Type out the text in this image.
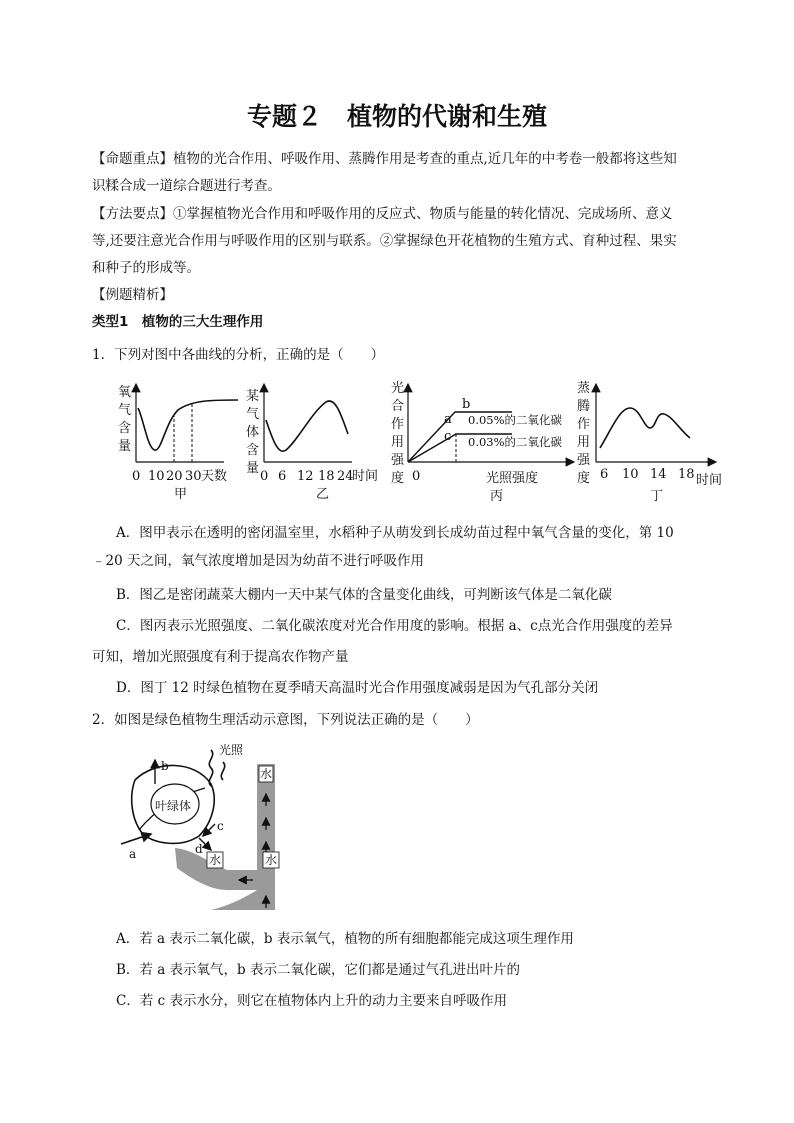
专题２　植物的代谢和生殖
【命题重点】植物的光合作用、呼吸作用、蒸腾作用是考查的重点,近几年的中考卷一般都将这些知
识糅合成一道综合题进行考查。
【方法要点】①掌握植物光合作用和呼吸作用的反应式、物质与能量的转化情况、完成场所、意义
等,还要注意光合作用与呼吸作用的区别与联系。②掌握绿色开花植物的生殖方式、育种过程、果实
和种子的形成等。
【例题精析】
类型1　植物的三大生理作用
1．下列对图中各曲线的分析，正确的是（　　）
氧
气
含
量
0 10 20 30 天数
甲
某
气
体
含
量
0 6 12 18 24
时间
乙
光
合
作
用
强
度 0
a
b
c
0.05%的二氧化碳
0.03%的二氧化碳
光照强度
丙
蒸
腾
作
用
强
度 6 10 14 18 时间
丁
A．图甲表示在透明的密闭温室里，水稻种子从萌发到长成幼苗过程中氧气含量的变化，第 10
﹣20 天之间，氧气浓度增加是因为幼苗不进行呼吸作用
B．图乙是密闭蔬菜大棚内一天中某气体的含量变化曲线，可判断该气体是二氧化碳
C．图丙表示光照强度、二氧化碳浓度对光合作用度的影响。根据 a、c点光合作用强度的差异
可知，增加光照强度有利于提高农作物产量
D．图丁 12 时绿色植物在夏季晴天高温时光合作用强度减弱是因为气孔部分关闭
2．如图是绿色植物生理活动示意图，下列说法正确的是（　　）
叶绿体
光照
b
a
c
d
水
水	水
A．若 a 表示二氧化碳，b 表示氧气，植物的所有细胞都能完成这项生理作用
B．若 a 表示氧气，b 表示二氧化碳，它们都是通过气孔进出叶片的
C．若 c 表示水分，则它在植物体内上升的动力主要来自呼吸作用
